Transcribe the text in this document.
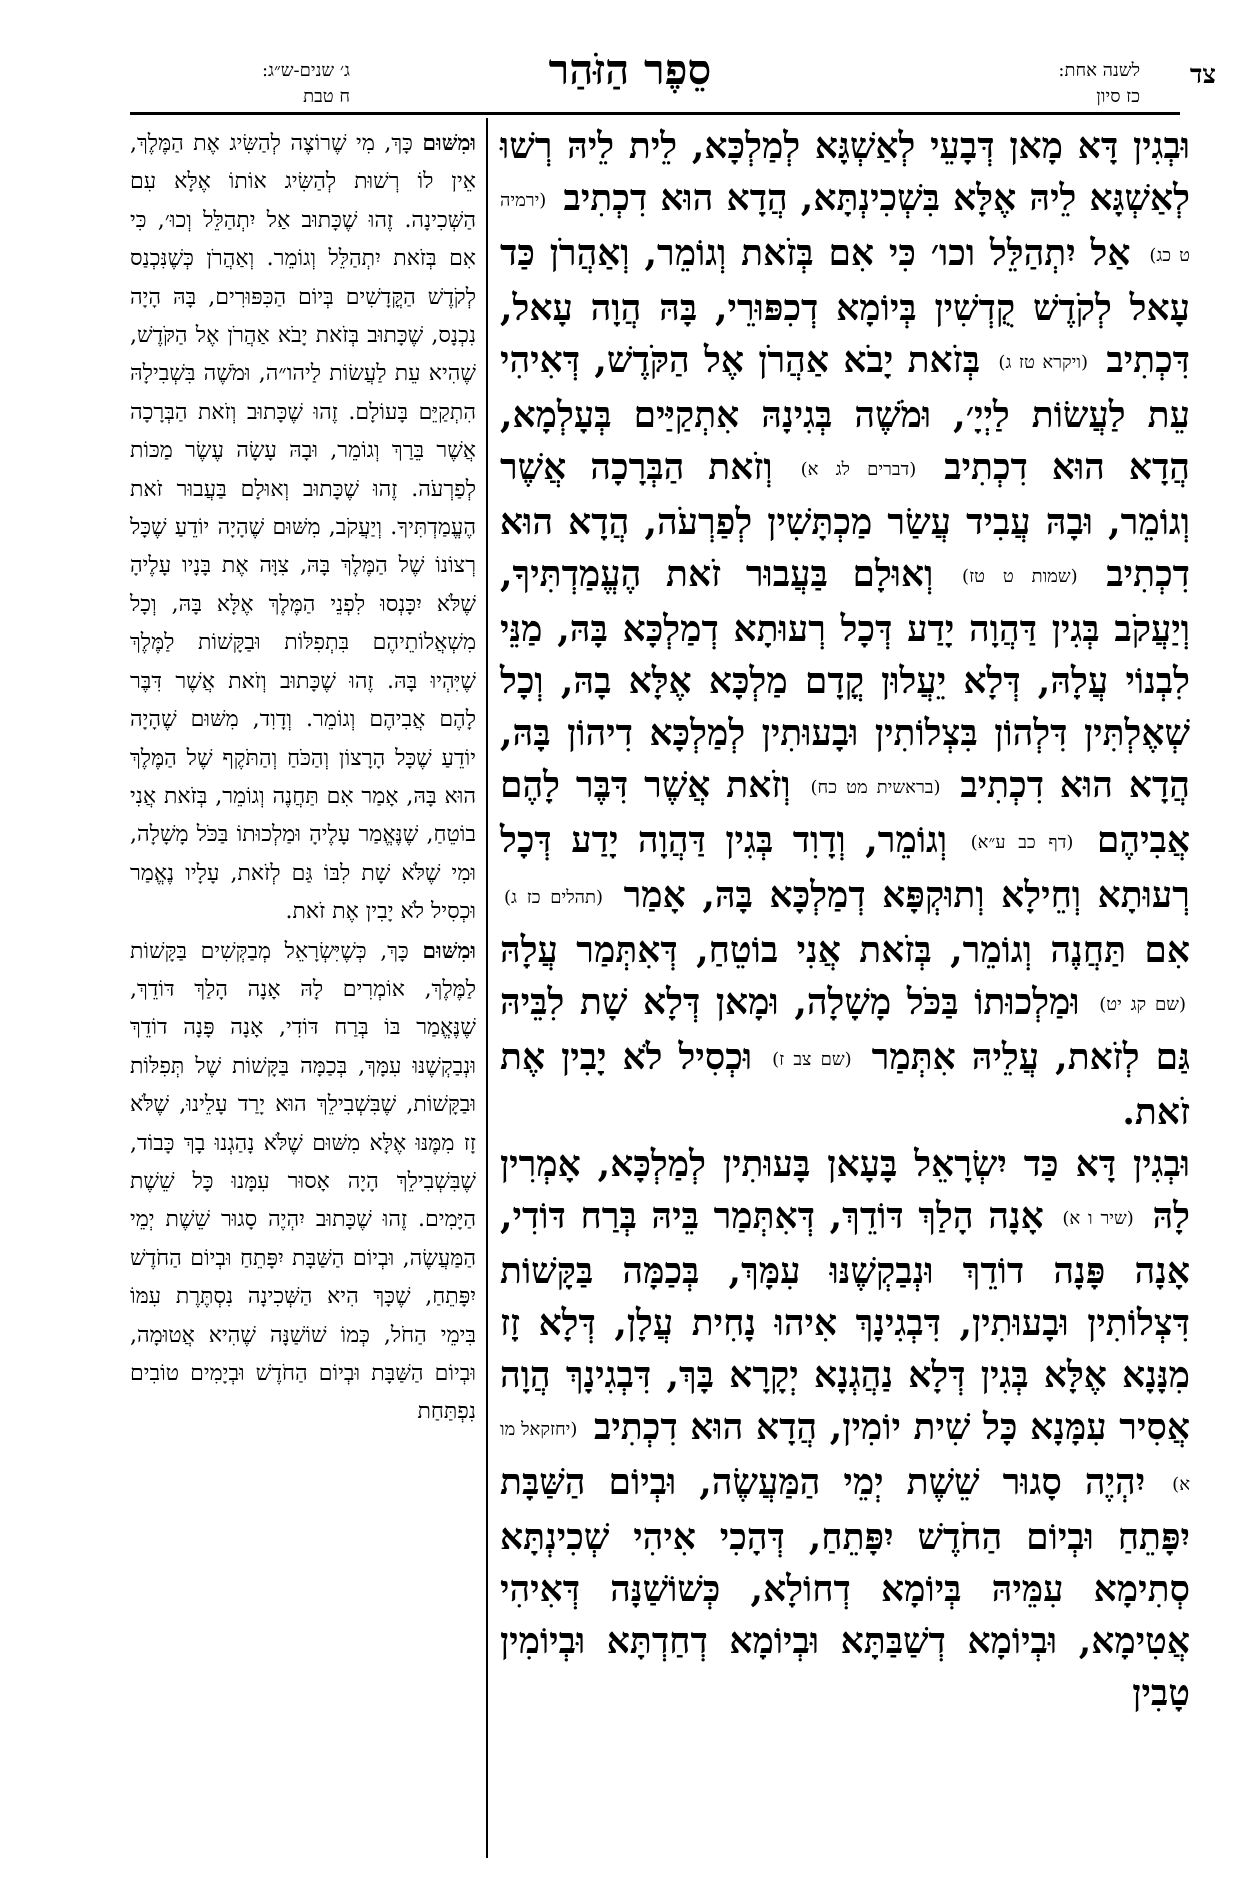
צד
לשנה אחת:
כז סיון
סֵפֶר הַזֹּהַר
ג׳ שנים-ש״ג:
ח טבת

וּבְגִין דָּא מָאן דְּבָעֵי לְאַשְׁגָּא לְמַלְכָּא, לֵית לֵיהּ רְשׁוּ לְאַשְׁגָּא לֵיהּ אֶלָּא בִּשְׁכִינְתָּא, הֲדָא הוּא דִכְתִיב (ירמיה ט כג) אַל יִתְהַלֵּל וכו׳ כִּי אִם בְּזֹאת וְגוֹמֵר, וְאַהֲרֹן כַּד עָאל לְקֹדֶשׁ קֻדְשִׁין בְּיוֹמָא דְכִפּוּרֵי, בָּהּ הֲוָה עָאל, דִּכְתִיב (ויקרא טז ג) בְּזֹאת יָבֹא אַהֲרֹן אֶל הַקֹּדֶשׁ, דְּאִיהִי עֵת לַעֲשׂוֹת לַיְיָ׳, וּמֹשֶׁה בְּגִינָהּ אִתְקַיַּים בְּעָלְמָא, הֲדָא הוּא דִכְתִיב (דברים לג א) וְזֹאת הַבְּרָכָה אֲשֶׁר וְגוֹמֵר, וּבָהּ עֲבִיד עֲשַׂר מַכְתָּשִׁין לְפַרְעֹה, הֲדָא הוּא דִכְתִיב (שמות ט טז) וְאוּלָם בַּעֲבוּר זֹאת הֶעֱמַדְתִּיךָ, וְיַעֲקֹב בְּגִין דַּהֲוָה יָדַע דְּכָל רְעוּתָא דְמַלְכָּא בָּהּ, מַנֵּי לִבְנוֹי עֲלָהּ, דְּלָא יֵעֲלוּן קֳדָם מַלְכָּא אֶלָּא בָהּ, וְכָל שְׁאֶלְתִּין דִּלְהוֹן בִּצְלוֹתִין וּבָעוּתִין לְמַלְכָּא דִיהוֹן בָּהּ, הֲדָא הוּא דִכְתִיב (בראשית מט כח) וְזֹאת אֲשֶׁר דִּבֶּר לָהֶם אֲבִיהֶם (דף כב ע״א) וְגוֹמֵר, וְדָוִד בְּגִין דַּהֲוָה יָדַע דְּכָל רְעוּתָא וְחֵילָא וְתוּקְפָּא דְמַלְכָּא בָּהּ, אָמַר (תהלים כז ג) אִם תַּחֲנֶה וְגוֹמֵר, בְּזֹאת אֲנִי בוֹטֵחַ, דְּאִתְּמַר עֲלָהּ (שם קג יט) וּמַלְכוּתוֹ בַּכֹּל מָשָׁלָה, וּמָאן דְּלָא שָׁת לִבֵּיהּ גַּם לְזֹאת, עֲלֵיהּ אִתְּמַר (שם צב ז) וּכְסִיל לֹא יָבִין אֶת זֹאת.

וּבְגִין דָּא כַּד יִשְׂרָאֵל בָּעָאן בָּעוּתִין לְמַלְכָּא, אָמְרִין לָהּ (שיר ו א) אָנָה הָלַךְ דּוֹדֵךְ, דְּאִתְּמַר בֵּיהּ בְּרַח דּוֹדִי, אָנָה פָּנָה דוֹדֵךְ וּנְבַקְשֶׁנּוּ עִמָּךְ, בְּכַמָּה בַּקָּשׁוֹת דִּצְלוֹתִין וּבָעוּתִין, דִּבְגִינָךְ אִיהוּ נָחִית עֲלָן, דְּלָא זָז מִנָּנָא אֶלָּא בְּגִין דְּלָא נַהֲגְנָא יְקָרָא בָּךְ, דִּבְגִינָךְ הֲוָה אֲסִיר עִמָּנָא כָּל שִׁית יוֹמִין, הֲדָא הוּא דִכְתִיב (יחזקאל מו א) יִהְיֶה סָגוּר שֵׁשֶׁת יְמֵי הַמַּעֲשֶׂה, וּבְיוֹם הַשַּׁבָּת יִפָּתֵחַ וּבְיוֹם הַחֹדֶשׁ יִפָּתֵחַ, דְּהָכִי אִיהִי שְׁכִינְתָּא סְתִימָא עִמֵּיהּ בְּיוֹמָא דְחוֹלָא, כְּשׁוֹשַׁנָּה דְּאִיהִי אֲטִימָא, וּבְיוֹמָא דְשַׁבַּתָּא וּבְיוֹמָא דְחַדְתָּא וּבְיוֹמִין טָבִין

וּמִשּׁוּם כָּךְ, מִי שֶׁרוֹצֶה לְהַשִּׂיג אֶת הַמֶּלֶךְ, אֵין לוֹ רְשׁוּת לְהַשִּׂיג אוֹתוֹ אֶלָּא עִם הַשְּׁכִינָה. זֶהוּ שֶׁכָּתוּב אַל יִתְהַלֵּל וְכוּ׳, כִּי אִם בְּזֹאת יִתְהַלֵּל וְגוֹמֵר. וְאַהֲרֹן כְּשֶׁנִּכְנַס לְקֹדֶשׁ הַקֳּדָשִׁים בְּיוֹם הַכִּפּוּרִים, בָּהּ הָיָה נִכְנָס, שֶׁכָּתוּב בְּזֹאת יָבֹא אַהֲרֹן אֶל הַקֹּדֶשׁ, שֶׁהִיא עֵת לַעֲשׂוֹת לַיהו״ה, וּמֹשֶׁה בִּשְׁבִילָהּ הִתְקַיֵּם בָּעוֹלָם. זֶהוּ שֶׁכָּתוּב וְזֹאת הַבְּרָכָה אֲשֶׁר בֵּרַךְ וְגוֹמֵר, וּבָהּ עָשָׂה עֶשֶׂר מַכּוֹת לְפַרְעֹה. זֶהוּ שֶׁכָּתוּב וְאוּלָם בַּעֲבוּר זֹאת הֶעֱמַדְתִּיךָ. וְיַעֲקֹב, מִשּׁוּם שֶׁהָיָה יוֹדֵעַ שֶׁכָּל רְצוֹנוֹ שֶׁל הַמֶּלֶךְ בָּהּ, צִוָּה אֶת בָּנָיו עָלֶיהָ שֶׁלֹּא יִכָּנְסוּ לִפְנֵי הַמֶּלֶךְ אֶלָּא בָּהּ, וְכָל מִשְׁאֲלוֹתֵיהֶם בִּתְפִלּוֹת וּבַקָּשׁוֹת לַמֶּלֶךְ שֶׁיִּהְיוּ בָּהּ. זֶהוּ שֶׁכָּתוּב וְזֹאת אֲשֶׁר דִּבֶּר לָהֶם אֲבִיהֶם וְגוֹמֵר. וְדָוִד, מִשּׁוּם שֶׁהָיָה יוֹדֵעַ שֶׁכָּל הָרָצוֹן וְהַכֹּחַ וְהַתֹּקֶף שֶׁל הַמֶּלֶךְ הוּא בָּהּ, אָמַר אִם תַּחֲנֶה וְגוֹמֵר, בְּזֹאת אֲנִי בוֹטֵחַ, שֶׁנֶּאֱמַר עָלֶיהָ וּמַלְכוּתוֹ בַּכֹּל מָשָׁלָה, וּמִי שֶׁלֹּא שָׁת לִבּוֹ גַּם לְזֹאת, עָלָיו נֶאֱמַר וּכְסִיל לֹא יָבִין אֶת זֹאת.

וּמִשּׁוּם כָּךְ, כְּשֶׁיִּשְׂרָאֵל מְבַקְּשִׁים בַּקָּשׁוֹת לַמֶּלֶךְ, אוֹמְרִים לָהּ אָנָה הָלַךְ דּוֹדֵךְ, שֶׁנֶּאֱמַר בּוֹ בְּרַח דּוֹדִי, אָנָה פָּנָה דוֹדֵךְ וּנְבַקְשֶׁנּוּ עִמָּךְ, בְּכַמָּה בַּקָּשׁוֹת שֶׁל תְּפִלּוֹת וּבַקָּשׁוֹת, שֶׁבִּשְׁבִילֵךְ הוּא יָרַד עָלֵינוּ, שֶׁלֹּא זָז מִמֶּנּוּ אֶלָּא מִשּׁוּם שֶׁלֹּא נָהַגְנוּ בָךְ כָּבוֹד, שֶׁבִּשְׁבִילֵךְ הָיָה אָסוּר עִמָּנוּ כָּל שֵׁשֶׁת הַיָּמִים. זֶהוּ שֶׁכָּתוּב יִהְיֶה סָגוּר שֵׁשֶׁת יְמֵי הַמַּעֲשֶׂה, וּבְיוֹם הַשַּׁבָּת יִפָּתֵחַ וּבְיוֹם הַחֹדֶשׁ יִפָּתֵחַ, שֶׁכָּךְ הִיא הַשְּׁכִינָה נִסְתֶּרֶת עִמּוֹ בִּימֵי הַחֹל, כְּמוֹ שׁוֹשַׁנָּה שֶׁהִיא אֲטוּמָה, וּבְיוֹם הַשַּׁבָּת וּבְיוֹם הַחֹדֶשׁ וּבְיָמִים טוֹבִים נִפְתַּחַת
